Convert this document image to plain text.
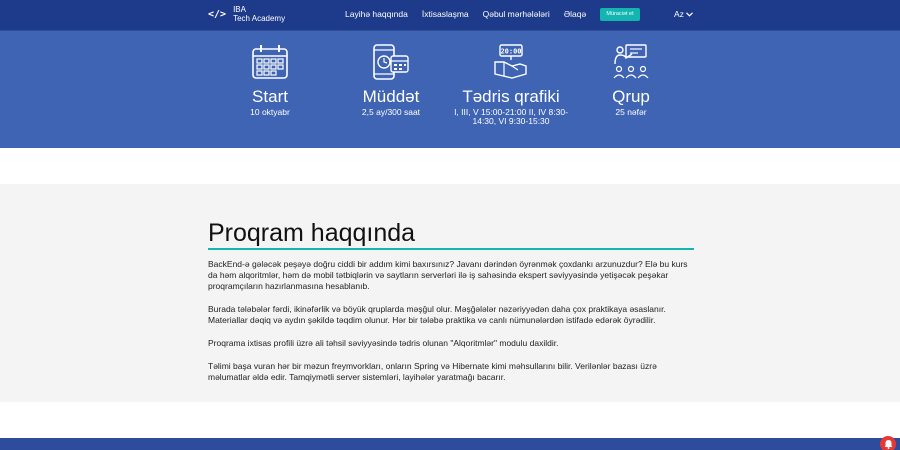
</> IBA
Tech Academy	Layihə haqqında İxtisaslaşma Qəbul mərhələləri Əlaqə	Müraciət et	Az
Start
10 oktyabr
Müddət
2,5 ay/300 saat
20:00
Tədris qrafiki
I, III, V 15:00-21:00 II, IV 8:30-14:30, VI 9:30-15:30
Qrup
25 nəfər
Proqram haqqında

BackEnd-ə gələcək peşəyə doğru ciddi bir addım kimi baxırsınız? Javanı dərindən öyrənmək çoxdankı arzunuzdur? Elə bu kurs da həm alqoritmlər, həm də mobil tətbiqlərin və saytların serverləri ilə iş sahəsində ekspert səviyyəsində yetişəcək peşəkar proqramçıların hazırlanmasına hesablanıb.

Burada tələbələr fərdi, ikinəfərlik və böyük qruplarda məşğul olur. Məşğələlər nəzəriyyədən daha çox praktikaya əsaslanır. Materiallar dəqiq və aydın şəkildə təqdim olunur. Hər bir tələbə praktika və canlı nümunələrdən istifadə edərək öyrədilir.

Proqrama ixtisas profili üzrə ali təhsil səviyyəsində tədris olunan "Alqoritmlər" modulu daxildir.

Təlimi başa vuran hər bir məzun freymvorkları, onların Spring və Hibernate kimi məhsullarını bilir. Verilənlər bazası üzrə məlumatlar əldə edir. Tamqiymətli server sistemləri, layihələr yaratmağı bacarır.
